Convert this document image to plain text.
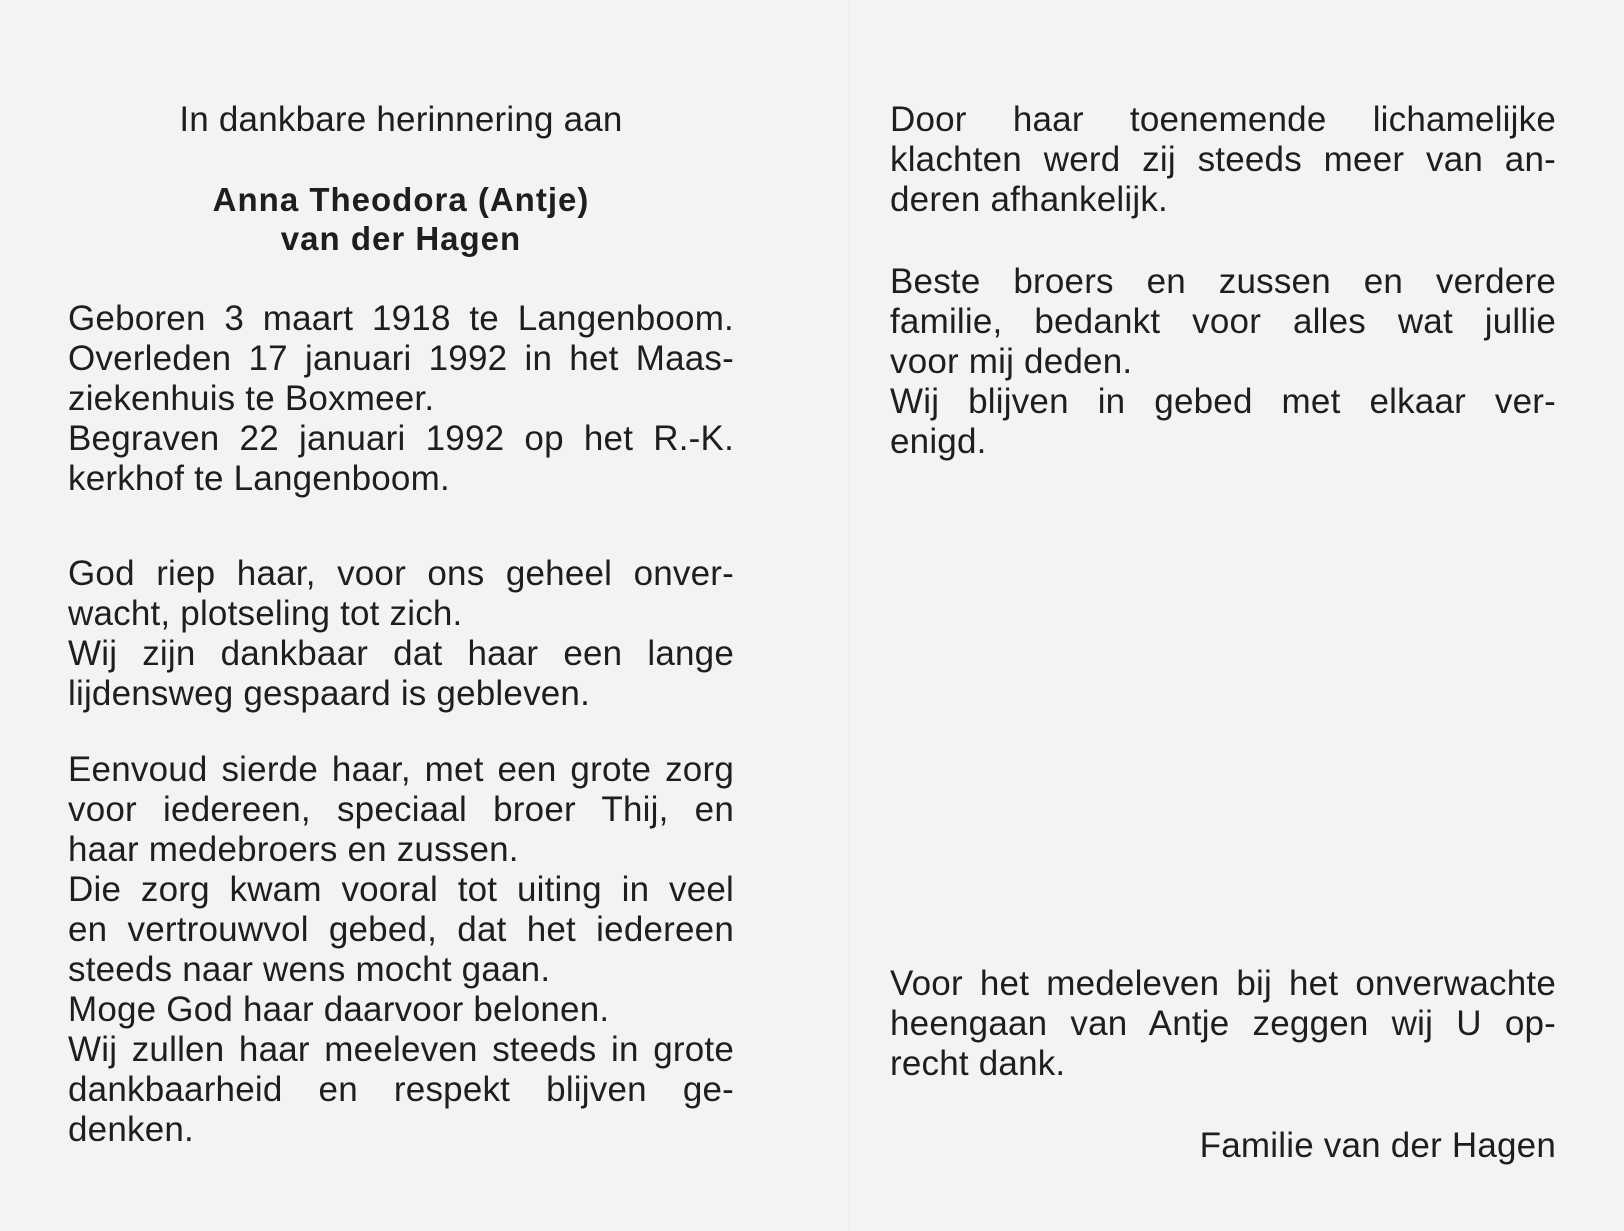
In dankbare herinnering aan
Anna Theodora (Antje)
van der Hagen
Geboren 3 maart 1918 te Langenboom.
Overleden 17 januari 1992 in het Maas-
ziekenhuis te Boxmeer.
Begraven 22 januari 1992 op het R.-K.
kerkhof te Langenboom.
God riep haar, voor ons geheel onver-
wacht, plotseling tot zich.
Wij zijn dankbaar dat haar een lange
lijdensweg gespaard is gebleven.
Eenvoud sierde haar, met een grote zorg
voor iedereen, speciaal broer Thij, en
haar medebroers en zussen.
Die zorg kwam vooral tot uiting in veel
en vertrouwvol gebed, dat het iedereen
steeds naar wens mocht gaan.
Moge God haar daarvoor belonen.
Wij zullen haar meeleven steeds in grote
dankbaarheid en respekt blijven ge-
denken.
Door haar toenemende lichamelijke
klachten werd zij steeds meer van an-
deren afhankelijk.
Beste broers en zussen en verdere
familie, bedankt voor alles wat jullie
voor mij deden.
Wij blijven in gebed met elkaar ver-
enigd.
Voor het medeleven bij het onverwachte
heengaan van Antje zeggen wij U op-
recht dank.
Familie van der Hagen
